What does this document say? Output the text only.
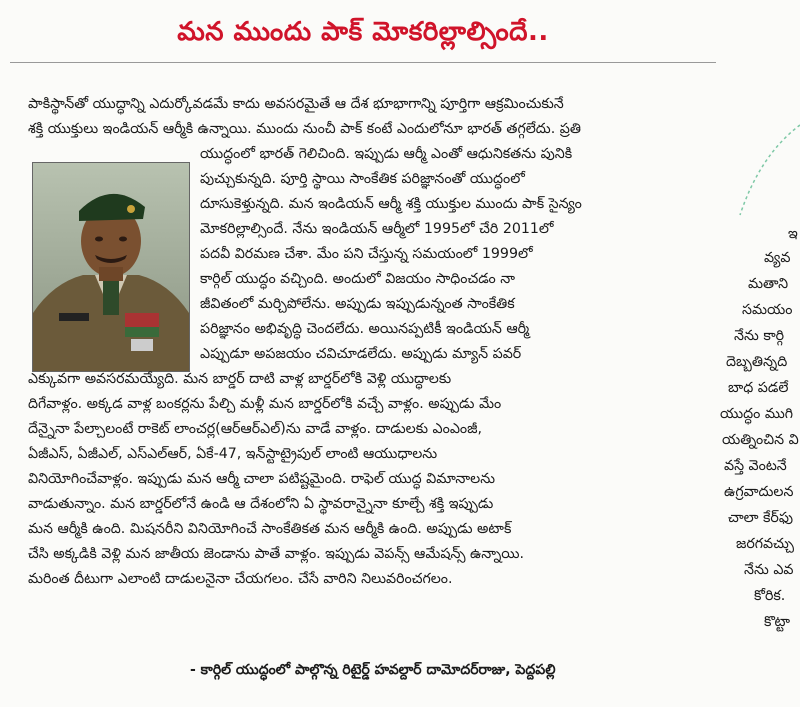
మన ముందు పాక్ మోకరిల్లాల్సిందే..
పాకిస్థాన్‌తో యుద్ధాన్ని ఎదుర్కోవడమే కాదు అవసరమైతే ఆ దేశ భూభాగాన్ని పూర్తిగా ఆక్రమించుకునే
శక్తి యుక్తులు ఇండియన్ ఆర్మీకి ఉన్నాయి. ముందు నుంచీ పాక్ కంటే ఎందులోనూ భారత్ తగ్గలేదు. ప్రతి
యుద్ధంలో భారత్ గెలిచింది. ఇప్పుడు ఆర్మీ ఎంతో ఆధునికతను పునికి
పుచ్చుకున్నది. పూర్తి స్థాయి సాంకేతిక పరిజ్ఞానంతో యుద్ధంలో
దూసుకెళ్తున్నది. మన ఇండియన్ ఆర్మీ శక్తి యుక్తుల ముందు పాక్ సైన్యం
మోకరిల్లాల్సిందే. నేను ఇండియన్ ఆర్మీలో 1995లో చేరి 2011లో
పదవీ విరమణ చేశా. మేం పని చేస్తున్న సమయంలో 1999లో
కార్గిల్ యుద్ధం వచ్చింది. అందులో విజయం సాధించడం నా
జీవితంలో మర్చిపోలేను. అప్పుడు ఇప్పుడున్నంత సాంకేతిక
పరిజ్ఞానం అభివృద్ధి చెందలేదు. అయినప్పటికీ ఇండియన్ ఆర్మీ
ఎప్పుడూ అపజయం చవిచూడలేదు. అప్పుడు మ్యాన్ పవర్
ఎక్కువగా అవసరమయ్యేది. మన బార్డర్ దాటి వాళ్ల బార్డర్‌లోకి వెళ్లి యుద్ధాలకు
దిగేవాళ్లం. అక్కడ వాళ్ల బంకర్లను పేల్చి మళ్లీ మన బార్డర్‌లోకి వచ్చే వాళ్లం. అప్పుడు మేం
దేన్నైనా పేల్చాలంటే రాకెట్ లాంచర్ల(ఆర్ఆర్ఎల్)ను వాడే వాళ్లం. దాడులకు ఎంఎంజీ,
ఏజీఎస్, ఏజీఎల్, ఎస్ఎల్ఆర్, ఏకే-47, ఇన్‌స్టాట్రైపుల్ లాంటి ఆయుధాలను
వినియోగించేవాళ్లం. ఇప్పుడు మన ఆర్మీ చాలా పటిష్టమైంది. రాఫెల్ యుద్ధ విమానాలను
వాడుతున్నాం. మన బార్డర్‌లోనే ఉండి ఆ దేశంలోని ఏ స్థావరాన్నైనా కూల్చే శక్తి ఇప్పుడు
మన ఆర్మీకి ఉంది. మిషనరీని వినియోగించే సాంకేతికత మన ఆర్మీకి ఉంది. అప్పుడు అటాక్
చేసి అక్కడికి వెళ్లి మన జాతీయ జెండాను పాతే వాళ్లం. ఇప్పుడు వెపన్స్ ఆమేషన్స్ ఉన్నాయి.
మరింత దీటుగా ఎలాంటి దాడులనైనా చేయగలం. చేసే వారిని నిలువరించగలం.
- కార్గిల్ యుద్ధంలో పాల్గొన్న రిటైర్డ్ హవల్దార్ దామోదర్‌రాజు, పెద్దపల్లి
ఇ
వ్యవ
మతాని
సమయం
నేను కార్గి
దెబ్బతిన్నది
బాధ పడలే
యుద్ధం ముగి
యత్నించిన వి
వస్తే వెంటనే
ఉగ్రవాదులన
చాలా కేర్‌ఫు
జరగవచ్చు
నేను ఎవ
కోరిక.
కొట్టా
